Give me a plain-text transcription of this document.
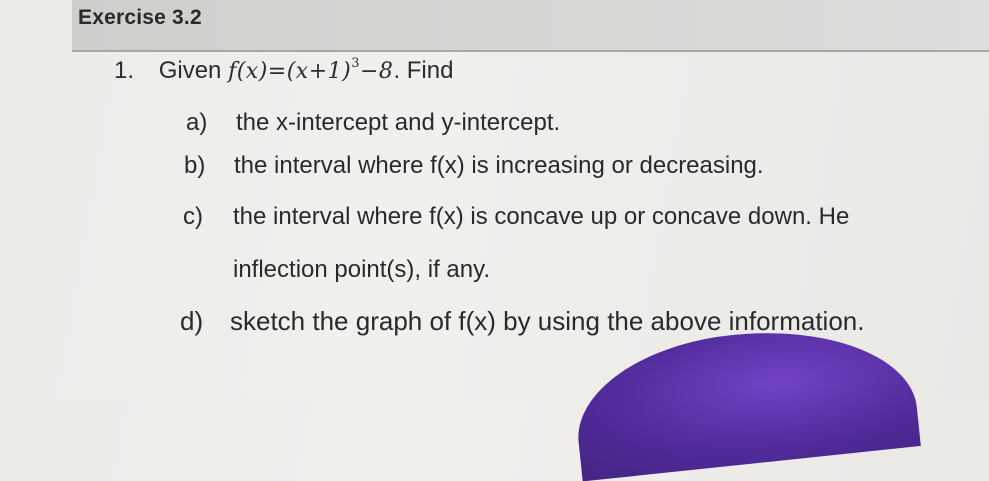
Exercise 3.2
1. Given $f(x)=(x+1)^3-8$. Find
a) the x-intercept and y-intercept.
b) the interval where f(x) is increasing or decreasing.
c) the interval where f(x) is concave up or concave down. He
inflection point(s), if any.
d) sketch the graph of f(x) by using the above information.
